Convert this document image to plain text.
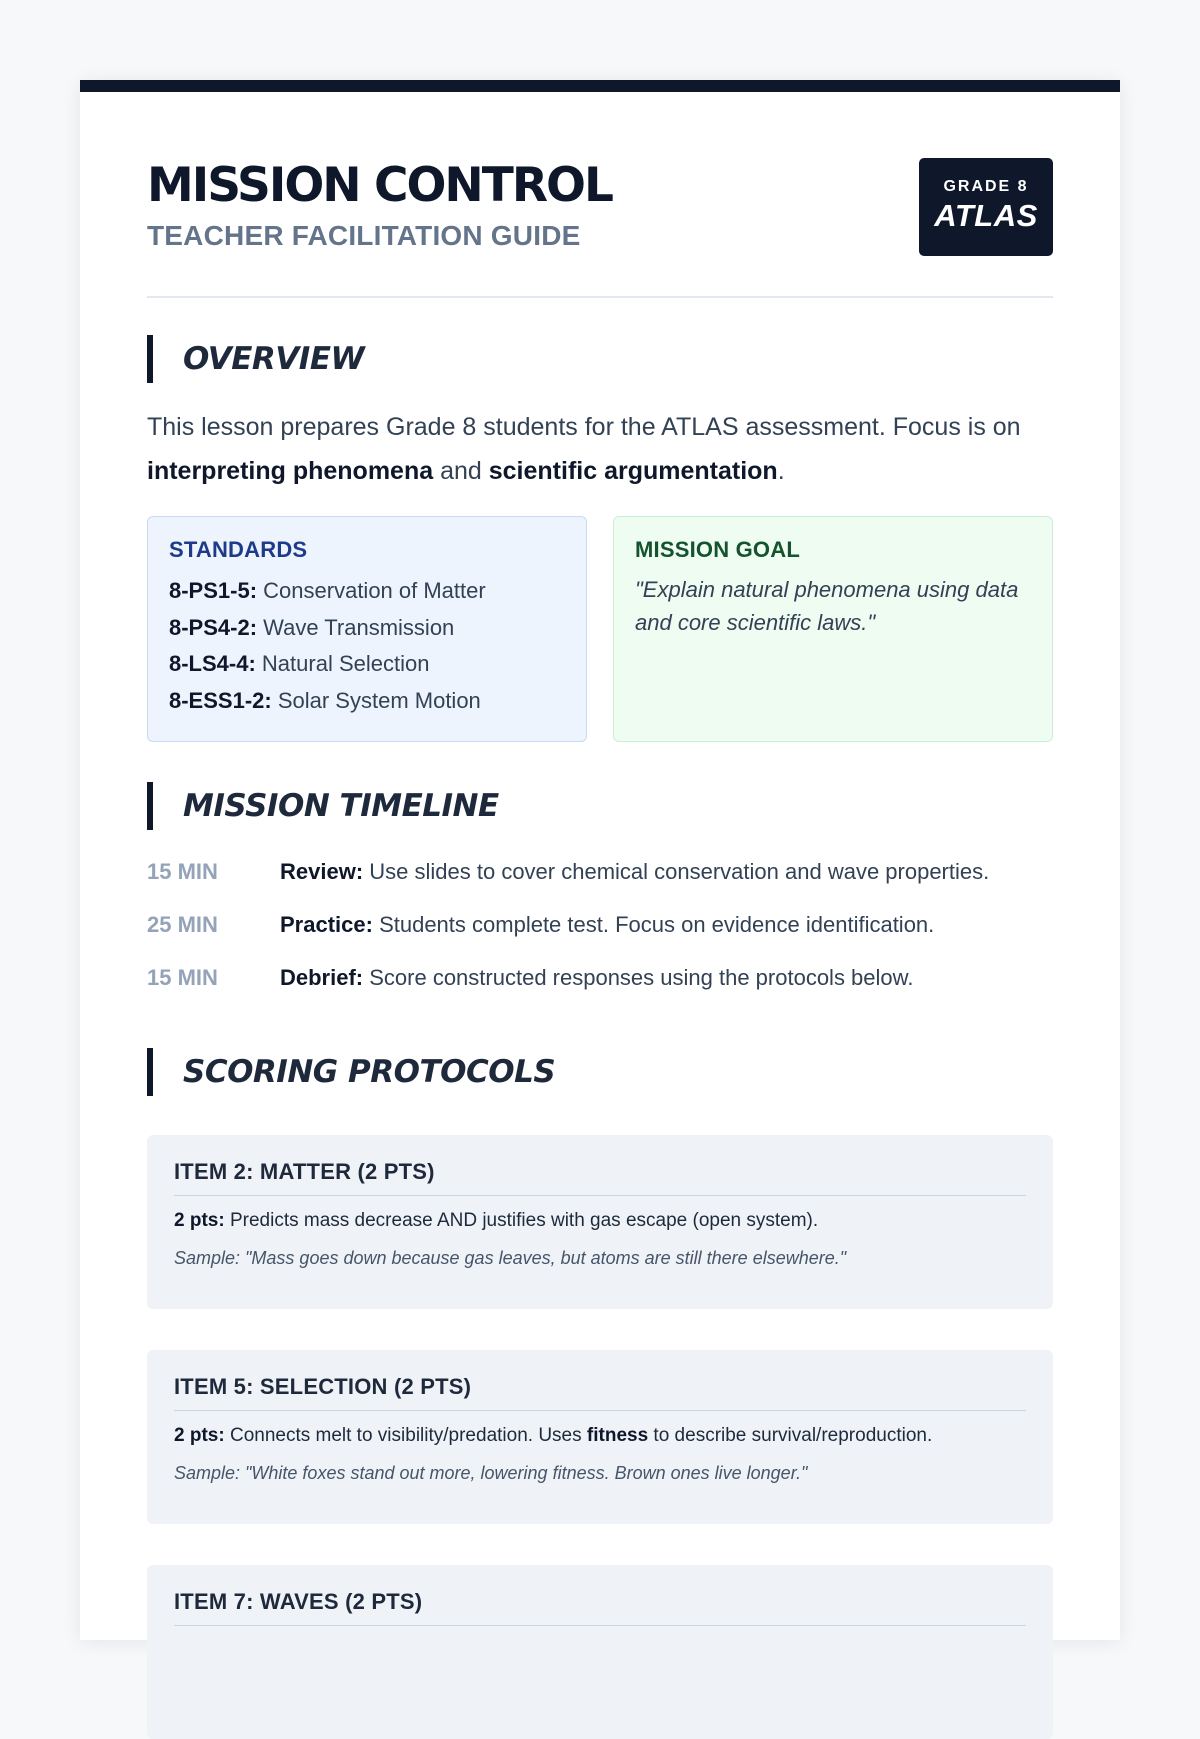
MISSION CONTROL
TEACHER FACILITATION GUIDE
GRADE 8
ATLAS
OVERVIEW
This lesson prepares Grade 8 students for the ATLAS assessment. Focus is on interpreting phenomena and scientific argumentation.
STANDARDS
8-PS1-5: Conservation of Matter
8-PS4-2: Wave Transmission
8-LS4-4: Natural Selection
8-ESS1-2: Solar System Motion
MISSION GOAL
"Explain natural phenomena using data and core scientific laws."
MISSION TIMELINE
15 MIN	Review: Use slides to cover chemical conservation and wave properties.
25 MIN	Practice: Students complete test. Focus on evidence identification.
15 MIN	Debrief: Score constructed responses using the protocols below.
SCORING PROTOCOLS
ITEM 2: MATTER (2 PTS)
2 pts: Predicts mass decrease AND justifies with gas escape (open system).
Sample: "Mass goes down because gas leaves, but atoms are still there elsewhere."
ITEM 5: SELECTION (2 PTS)
2 pts: Connects melt to visibility/predation. Uses fitness to describe survival/reproduction.
Sample: "White foxes stand out more, lowering fitness. Brown ones live longer."
ITEM 7: WAVES (2 PTS)
